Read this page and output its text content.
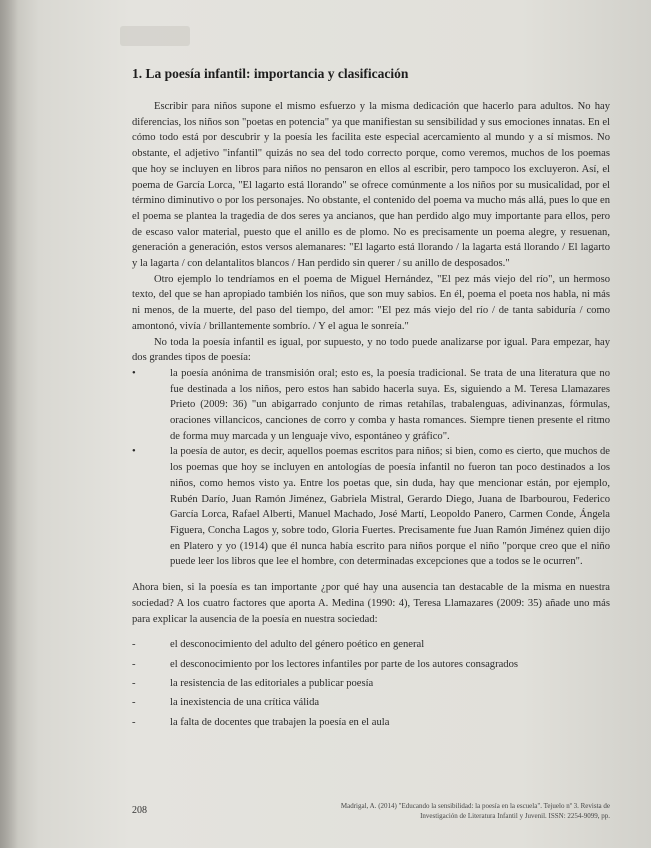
1. La poesía infantil: importancia y clasificación

Escribir para niños supone el mismo esfuerzo y la misma dedicación que hacerlo para adultos. No hay diferencias, los niños son "poetas en potencia" ya que manifiestan su sensibilidad y sus emociones innatas. En el cómo todo está por descubrir y la poesía les facilita este especial acercamiento al mundo y a sí mismos. No obstante, el adjetivo "infantil" quizás no sea del todo correcto porque, como veremos, muchos de los poemas que hoy se incluyen en libros para niños no pensaron en ellos al escribir, pero tampoco los excluyeron. Así, el poema de García Lorca, "El lagarto está llorando" se ofrece comúnmente a los niños por su musicalidad, por el término diminutivo o por los personajes. No obstante, el contenido del poema va mucho más allá, pues lo que en el poema se plantea la tragedia de dos seres ya ancianos, que han perdido algo muy importante para ellos, pero de escaso valor material, puesto que el anillo es de plomo. No es precisamente un poema alegre, y resuenan, generación a generación, estos versos alemanares: "El lagarto está llorando / la lagarta está llorando / El lagarto y la lagarta / con delantalitos blancos / Han perdido sin querer / su anillo de desposados."

Otro ejemplo lo tendríamos en el poema de Miguel Hernández, "El pez más viejo del río", un hermoso texto, del que se han apropiado también los niños, que son muy sabios. En él, poema el poeta nos habla, ni más ni menos, de la muerte, del paso del tiempo, del amor: "El pez más viejo del río / de tanta sabiduría / como amontonó, vivía / brillantemente sombrío. / Y el agua le sonreía."

No toda la poesía infantil es igual, por supuesto, y no todo puede analizarse por igual. Para empezar, hay dos grandes tipos de poesía:

•	la poesía anónima de transmisión oral; esto es, la poesía tradicional. Se trata de una literatura que no fue destinada a los niños, pero estos han sabido hacerla suya. Es, siguiendo a M. Teresa Llamazares Prieto (2009: 36) "un abigarrado conjunto de rimas retahílas, trabalenguas, adivinanzas, fórmulas, oraciones villancicos, canciones de corro y comba y hasta romances. Siempre tienen presente el ritmo de forma muy marcada y un lenguaje vivo, espontáneo y gráfico".
•	la poesía de autor, es decir, aquellos poemas escritos para niños; si bien, como es cierto, que muchos de los poemas que hoy se incluyen en antologías de poesía infantil no fueron tan poco destinados a los niños, como hemos visto ya. Entre los poetas que, sin duda, hay que mencionar están, por ejemplo, Rubén Darío, Juan Ramón Jiménez, Gabriela Mistral, Gerardo Diego, Juana de Ibarbourou, Federico García Lorca, Rafael Alberti, Manuel Machado, José Martí, Leopoldo Panero, Carmen Conde, Ángela Figuera, Concha Lagos y, sobre todo, Gloria Fuertes. Precisamente fue Juan Ramón Jiménez quien dijo en Platero y yo (1914) que él nunca había escrito para niños porque el niño "porque creo que el niño puede leer los libros que lee el hombre, con determinadas excepciones que a todos se le ocurren".

Ahora bien, si la poesía es tan importante ¿por qué hay una ausencia tan destacable de la misma en nuestra sociedad? A los cuatro factores que aporta A. Medina (1990: 4), Teresa Llamazares (2009: 35) añade uno más para explicar la ausencia de la poesía en nuestra sociedad:

-	el desconocimiento del adulto del género poético en general
-	el desconocimiento por los lectores infantiles por parte de los autores consagrados
-	la resistencia de las editoriales a publicar poesía
-	la inexistencia de una crítica válida
-	la falta de docentes que trabajen la poesía en el aula
208	Madrigal, A. (2014) "Educando la sensibilidad: la poesía en la escuela". Tejuelo nº 3. Revista de Investigación de Literatura Infantil y Juvenil. ISSN: 2254-9099, pp.
